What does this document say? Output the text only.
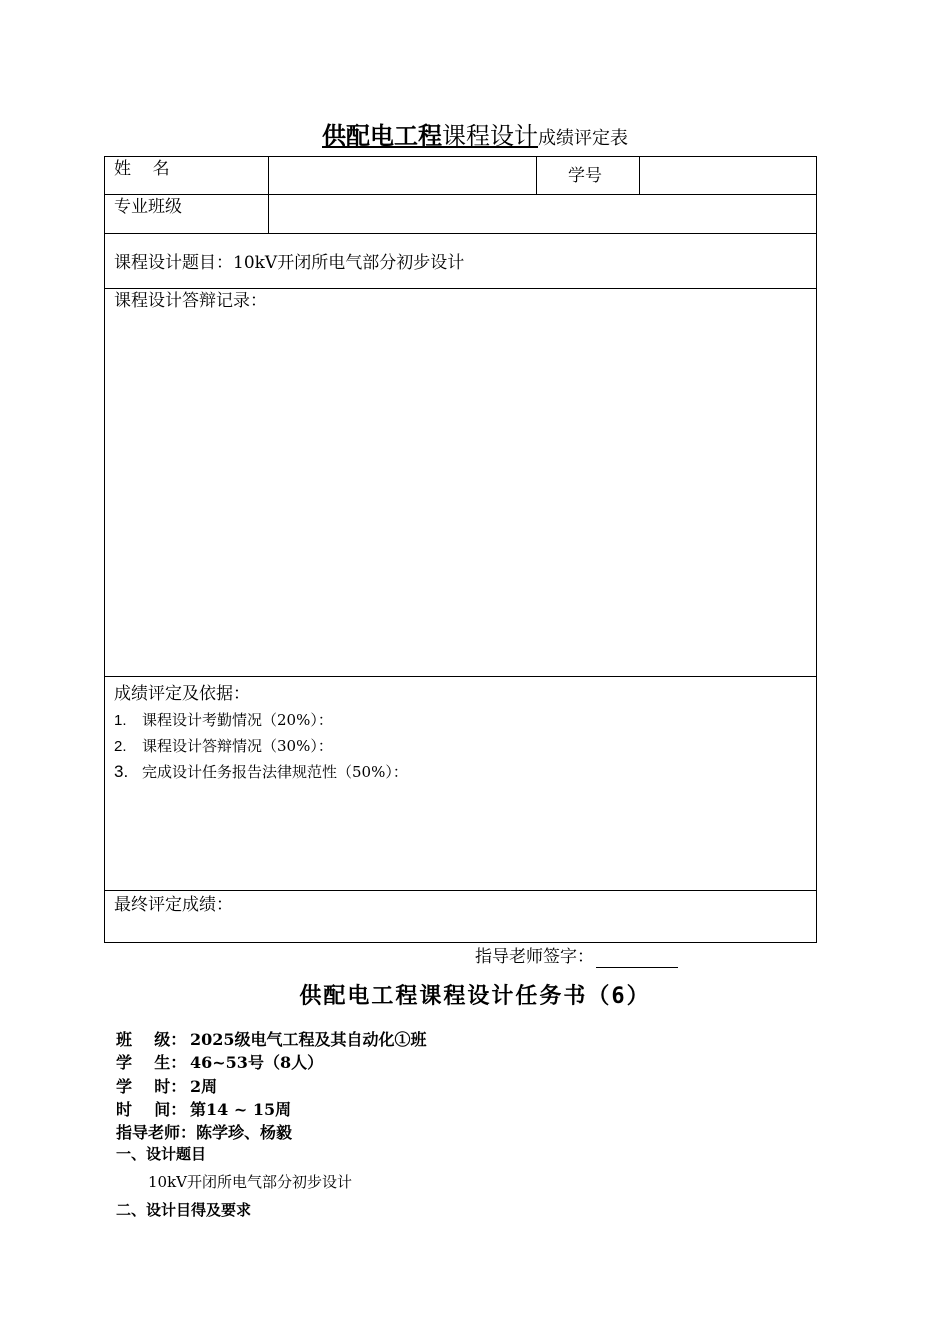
供配电工程课程设计成绩评定表
姓    名	学号
专业班级
课程设计题目：10kV开闭所电气部分初步设计
课程设计答辩记录：
成绩评定及依据：
1. 课程设计考勤情况（20%）：
2. 课程设计答辩情况（30%）：
3. 完成设计任务报告法律规范性（50%）：
最终评定成绩：
指导老师签字：
供配电工程课程设计任务书（6）
班    级： 2025级电气工程及其自动化①班
学    生： 46~53号（8人）
学    时： 2周
时    间： 第14 ~ 15周
指导老师：陈学珍、杨毅
一、设计题目
10kV开闭所电气部分初步设计
二、设计目得及要求
